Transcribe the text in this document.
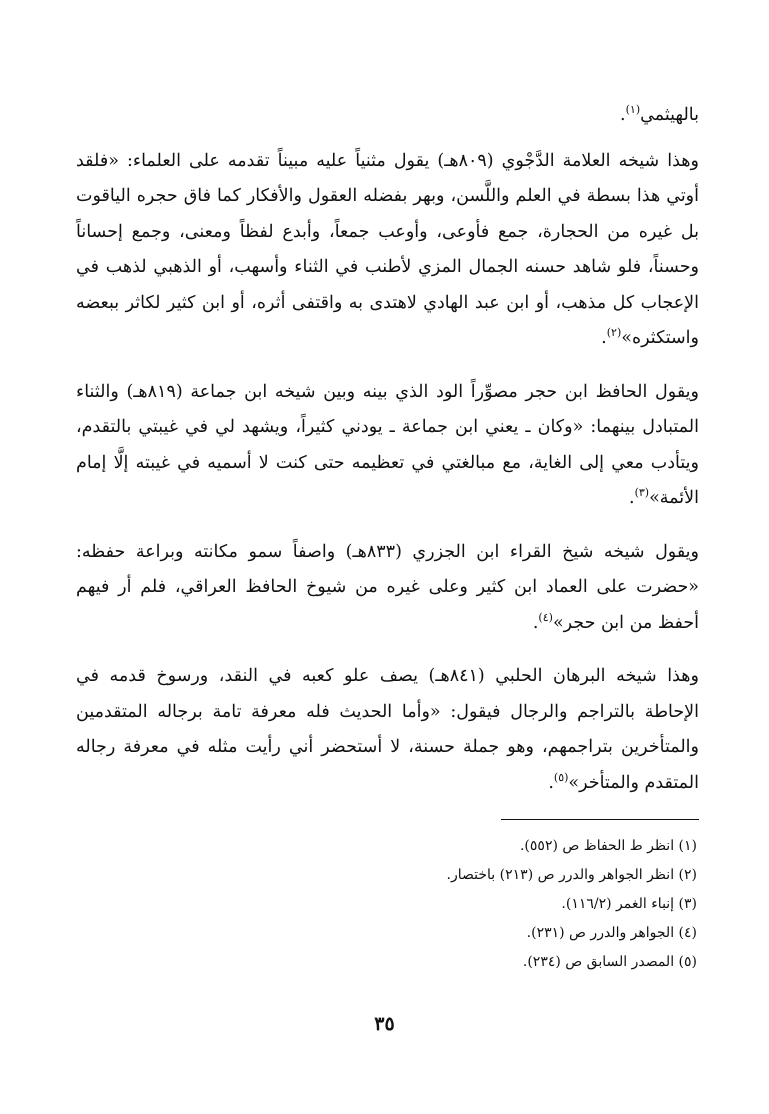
بالهيثمي$^{(١)}$.

وهذا شيخه العلامة الدَّجْوي (٨٠٩هـ) يقول مثنياً عليه مبيناً تقدمه على العلماء: «فلقد أوتي هذا بسطة في العلم واللَّسن، وبهر بفضله العقول والأفكار كما فاق حجره الياقوت بل غيره من الحجارة، جمع فأوعى، وأوعب جمعاً، وأبدع لفظاً ومعنى، وجمع إحساناً وحسناً، فلو شاهد حسنه الجمال المزي لأطنب في الثناء وأسهب، أو الذهبي لذهب في الإعجاب كل مذهب، أو ابن عبد الهادي لاهتدى به واقتفى أثره، أو ابن كثير لكاثر ببعضه واستكثره»$^{(٢)}$.

ويقول الحافظ ابن حجر مصوِّراً الود الذي بينه وبين شيخه ابن جماعة (٨١٩هـ) والثناء المتبادل بينهما: «وكان ـ يعني ابن جماعة ـ يودني كثيراً، ويشهد لي في غيبتي بالتقدم، ويتأدب معي إلى الغاية، مع مبالغتي في تعظيمه حتى كنت لا أسميه في غيبته إلَّا إمام الأئمة»$^{(٣)}$.

ويقول شيخه شيخ القراء ابن الجزري (٨٣٣هـ) واصفاً سمو مكانته وبراعة حفظه: «حضرت على العماد ابن كثير وعلى غيره من شيوخ الحافظ العراقي، فلم أر فيهم أحفظ من ابن حجر»$^{(٤)}$.

وهذا شيخه البرهان الحلبي (٨٤١هـ) يصف علو كعبه في النقد، ورسوخ قدمه في الإحاطة بالتراجم والرجال فيقول: «وأما الحديث فله معرفة تامة برجاله المتقدمين والمتأخرين بتراجمهم، وهو جملة حسنة، لا أستحضر أني رأيت مثله في معرفة رجاله المتقدم والمتأخر»$^{(٥)}$.

(١) انظر ط الحفاظ ص (٥٥٢).
(٢) انظر الجواهر والدرر ص (٢١٣) باختصار.
(٣) إنباء الغمر (١١٦/٢).
(٤) الجواهر والدرر ص (٢٣١).
(٥) المصدر السابق ص (٢٣٤).
٣٥
